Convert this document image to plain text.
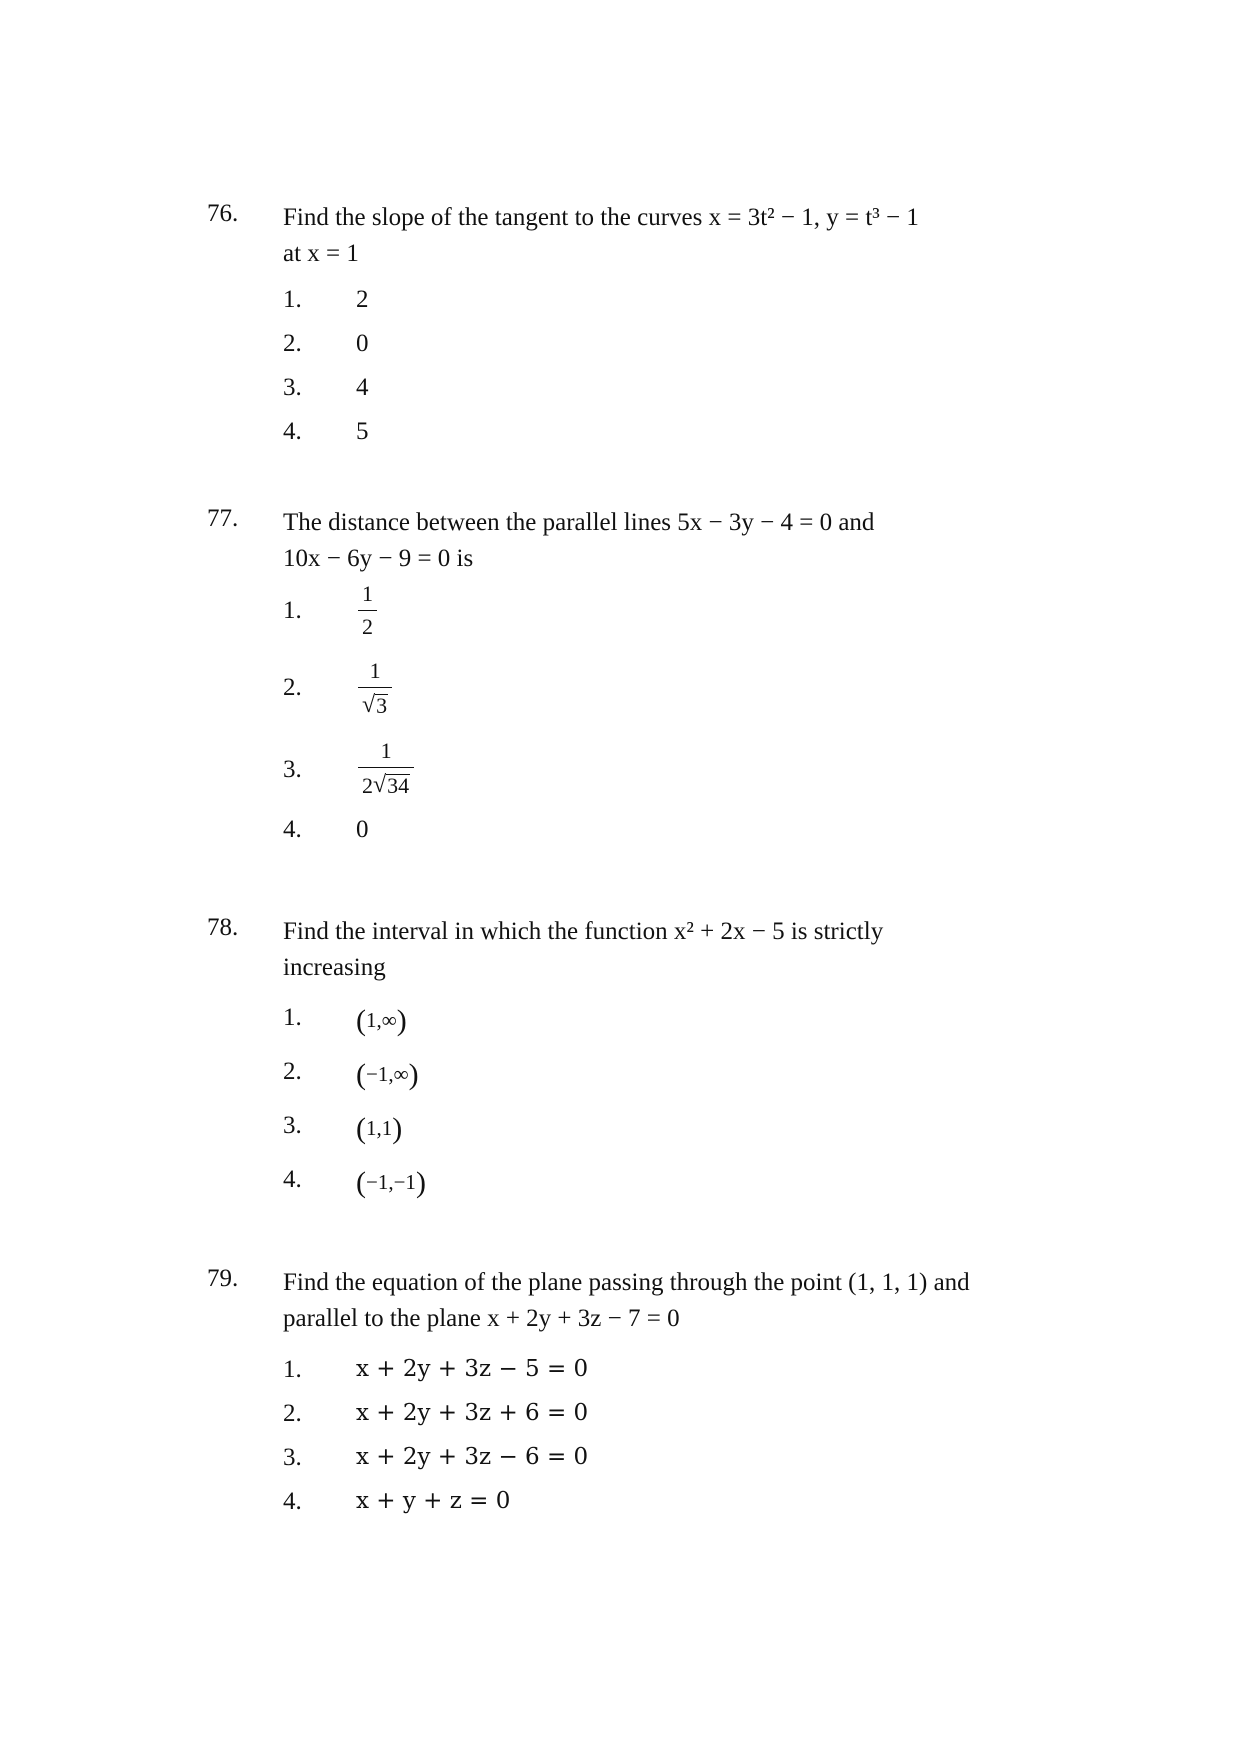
76. Find the slope of the tangent to the curves x = 3t² − 1, y = t³ − 1
at x = 1
1. 2
2. 0
3. 4
4. 5
77. The distance between the parallel lines 5x − 3y − 4 = 0 and
10x − 6y − 9 = 0 is
1.	$\frac{1}{2}$
2.	$\frac{1}{√ 3}$
3.	$\frac{1}{2 √ 34}$
4. 0
78. Find the interval in which the function x² + 2x − 5 is strictly
increasing
1. (1,∞)
2. (−1,∞)
3. (1,1)
4. (−1,−1)
79. Find the equation of the plane passing through the point (1, 1, 1) and
parallel to the plane x + 2y + 3z − 7 = 0
1. x + 2y + 3z − 5 = 0
2. x + 2y + 3z + 6 = 0
3. x + 2y + 3z − 6 = 0
4. x + y + z = 0
